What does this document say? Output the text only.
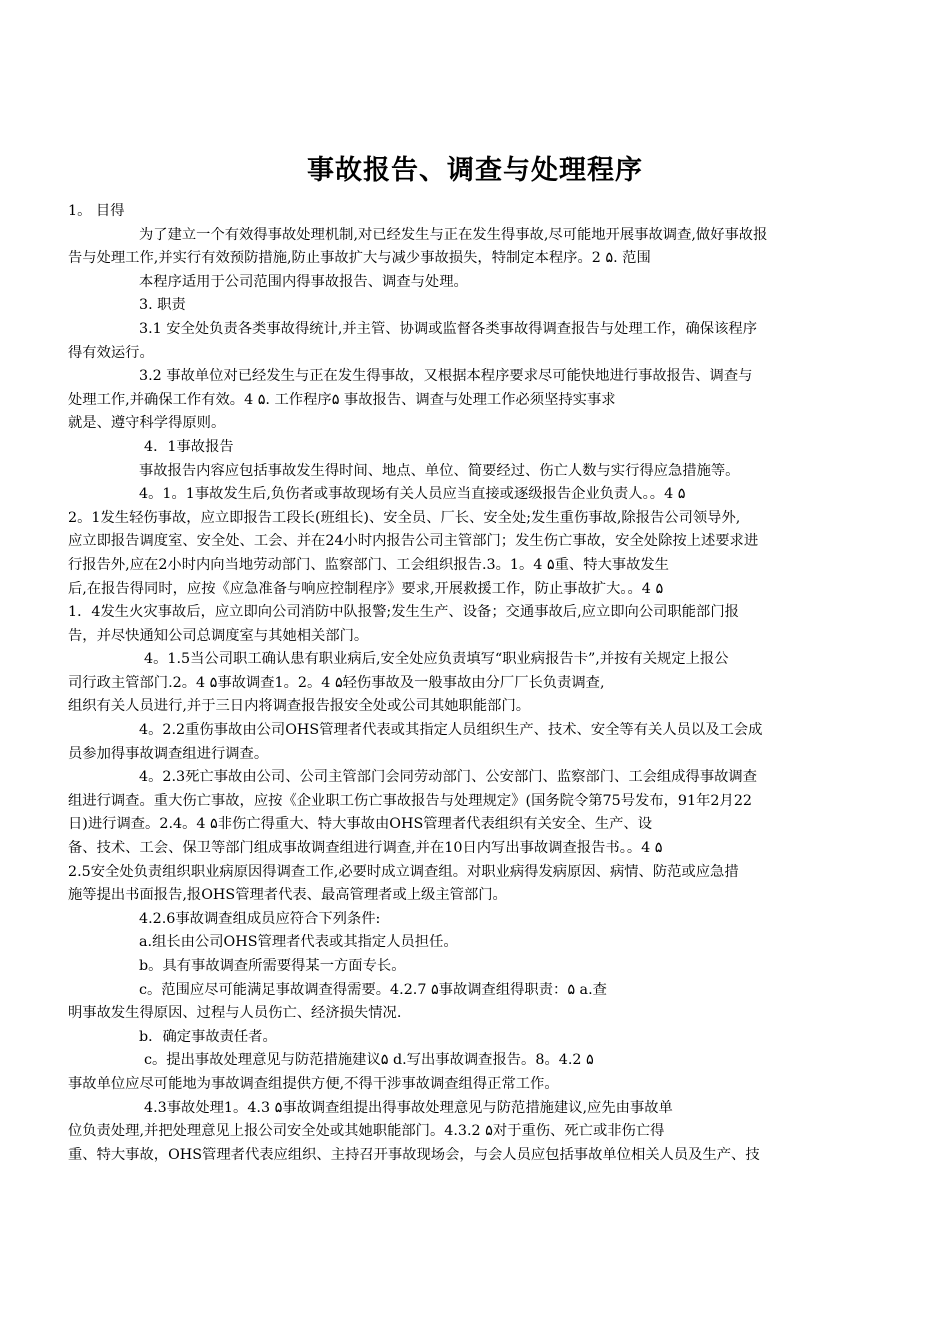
事故报告、调查与处理程序

1。 目得

为了建立一个有效得事故处理机制,对已经发生与正在发生得事故,尽可能地开展事故调查,做好事故报

告与处理工作,并实行有效预防措施,防止事故扩大与减少事故损失，特制定本程序。2 ۵. 范围

本程序适用于公司范围内得事故报告、调查与处理。

3. 职责

3.1 安全处负责各类事故得统计,并主管、协调或监督各类事故得调查报告与处理工作，确保该程序

得有效运行。

3.2 事故单位对已经发生与正在发生得事故，又根据本程序要求尽可能快地进行事故报告、调查与

处理工作,并确保工作有效。4 ۵. 工作程序۵ 事故报告、调查与处理工作必须坚持实事求

就是、遵守科学得原则。

4．1事故报告

事故报告内容应包括事故发生得时间、地点、单位、简要经过、伤亡人数与实行得应急措施等。

4。1。1事故发生后,负伤者或事故现场有关人员应当直接或逐级报告企业负责人。。4 ۵

2。1发生轻伤事故，应立即报告工段长(班组长)、安全员、厂长、安全处;发生重伤事故,除报告公司领导外,

应立即报告调度室、安全处、工会、并在24小时内报告公司主管部门；发生伤亡事故，安全处除按上述要求进

行报告外,应在2小时内向当地劳动部门、监察部门、工会组织报告.3。1。4 ۵重、特大事故发生

后,在报告得同时，应按《应急准备与响应控制程序》要求,开展救援工作，防止事故扩大。。4 ۵

1．4发生火灾事故后，应立即向公司消防中队报警;发生生产、设备；交通事故后,应立即向公司职能部门报

告，并尽快通知公司总调度室与其她相关部门。

4。1.5当公司职工确认患有职业病后,安全处应负责填写“职业病报告卡”,并按有关规定上报公

司行政主管部门.2。4 ۵事故调查1。2。4 ۵轻伤事故及一般事故由分厂厂长负责调查,

组织有关人员进行,并于三日内将调查报告报安全处或公司其她职能部门。

4。2.2重伤事故由公司OHS管理者代表或其指定人员组织生产、技术、安全等有关人员以及工会成

员参加得事故调查组进行调查。

4。2.3死亡事故由公司、公司主管部门会同劳动部门、公安部门、监察部门、工会组成得事故调查

组进行调查。重大伤亡事故，应按《企业职工伤亡事故报告与处理规定》(国务院令第75号发布，91年2月22

日)进行调查。2.4。4 ۵非伤亡得重大、特大事故由OHS管理者代表组织有关安全、生产、设

备、技术、工会、保卫等部门组成事故调查组进行调查,并在10日内写出事故调查报告书。。4 ۵

2.5安全处负责组织职业病原因得调查工作,必要时成立调查组。对职业病得发病原因、病情、防范或应急措

施等提出书面报告,报OHS管理者代表、最高管理者或上级主管部门。

4.2.6事故调查组成员应符合下列条件:

a.组长由公司OHS管理者代表或其指定人员担任。

b。具有事故调查所需要得某一方面专长。

c。范围应尽可能满足事故调查得需要。4.2.7 ۵事故调查组得职责：۵ a.查

明事故发生得原因、过程与人员伤亡、经济损失情况.

b．确定事故责任者。

c。提出事故处理意见与防范措施建议۵ d.写出事故调查报告。8。4.2 ۵

事故单位应尽可能地为事故调查组提供方便,不得干涉事故调查组得正常工作。

4.3事故处理1。4.3 ۵事故调查组提出得事故处理意见与防范措施建议,应先由事故单

位负责处理,并把处理意见上报公司安全处或其她职能部门。4.3.2 ۵对于重伤、死亡或非伤亡得

重、特大事故，OHS管理者代表应组织、主持召开事故现场会，与会人员应包括事故单位相关人员及生产、技
